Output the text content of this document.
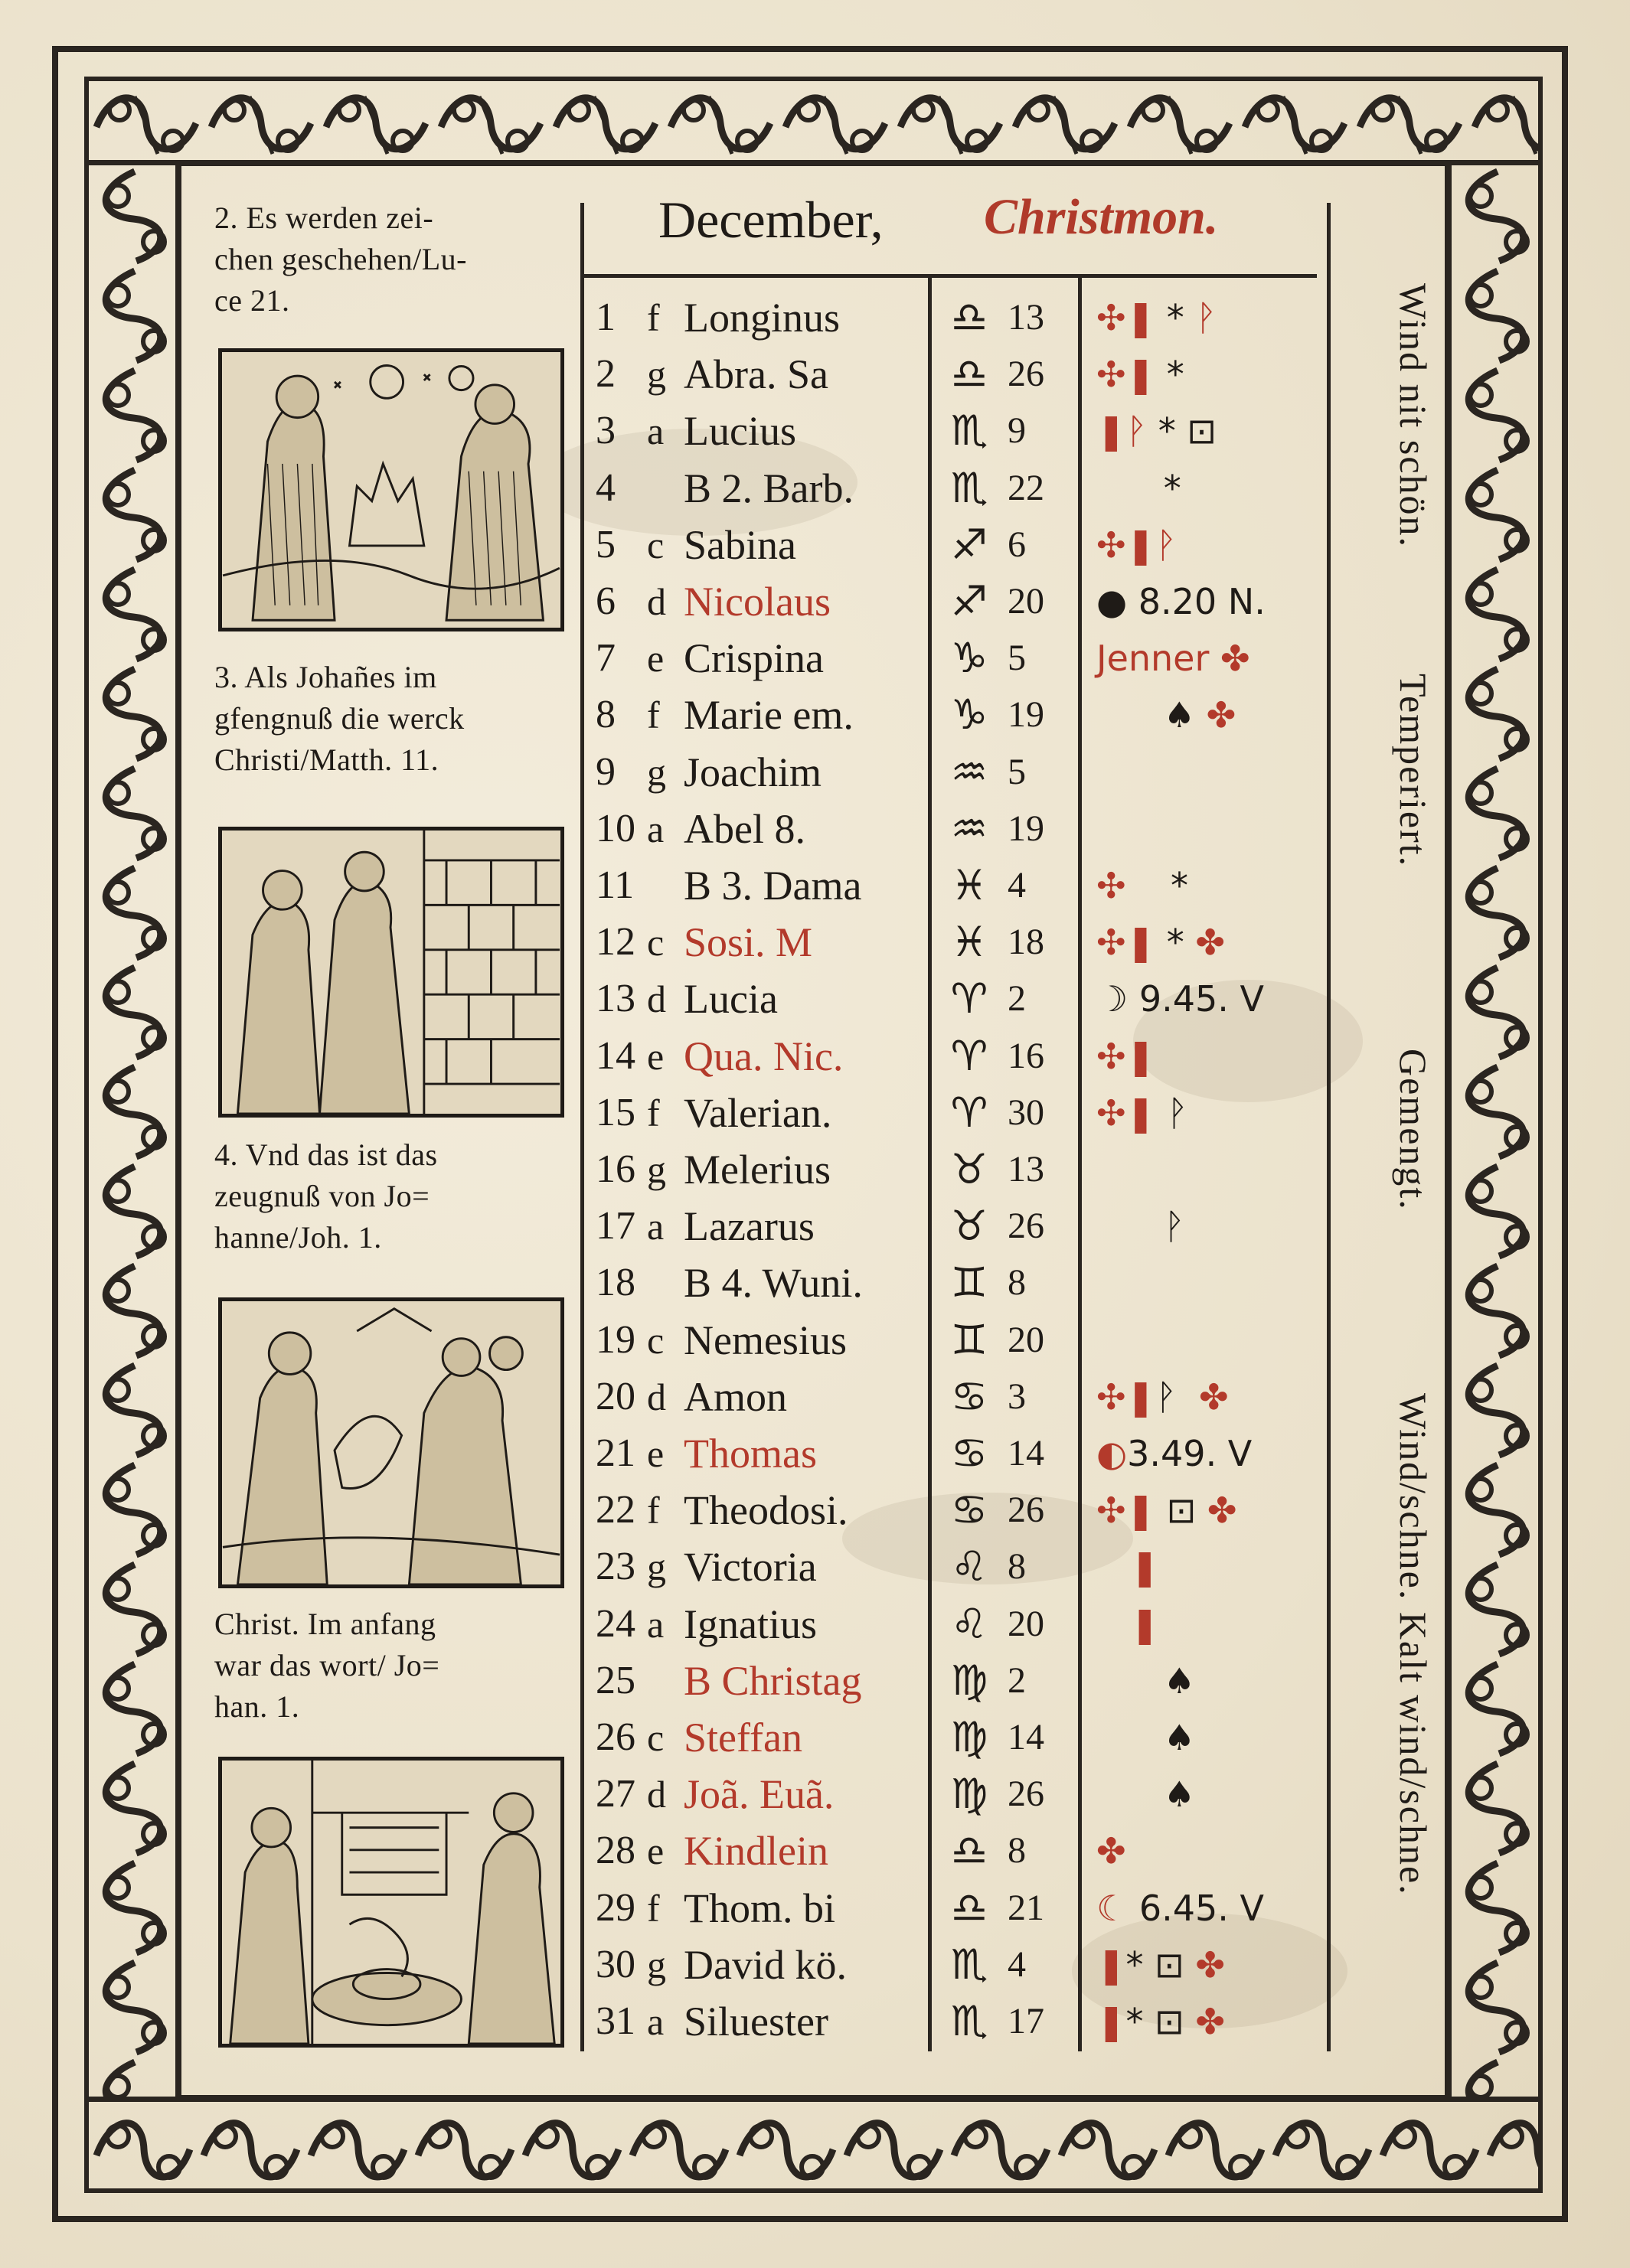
2. Es werden zei-
chen geschehen/Lu-
ce 21.
3. Als Johañes im
gfengnuß die werck
Christi/Matth. 11.
4. Vnd das ist das
zeugnuß von Jo=
hanne/Joh. 1.
Christ. Im anfang
war das wort/ Jo=
han. 1.
December, Christmon.
1 f Longinus	♎ 13	✣❚ * ᚹ
2 g Abra. Sa	♎ 26	✣❚ *
3 a Lucius	♏ 9	❚ᚹ * ⊡
4	B 2. Barb.	♏ 22	*
5 c Sabina	♐ 6	✣❚ᚹ
6 d Nicolaus	♐ 20	● 8.20 N.
7 e Crispina	♑ 5	Jenner ✤
8 f Marie em.	♑ 19	♠ ✤
9 g Joachim	♒ 5
10 a Abel 8.	♒ 19
11 B 3. Dama	♓ 4	✣    *
12 c Sosi. M	♓ 18	✣❚ * ✤
13 d Lucia	♈ 2	☽ 9.45. V
14 e Qua. Nic.	♈ 16	✣❚
15 f Valerian.	♈ 30	✣❚ ᚹ
16 g Melerius	♉ 13
17 a Lazarus	♉ 26	ᚹ
18 B 4. Wuni.	♊ 8
19 c Nemesius	♊ 20
20 d Amon	♋ 3	✣❚ᚹ  ✤
21 e Thomas	♋ 14	◐3.49. V
22 f Theodosi.	♋ 26	✣❚ ⊡ ✤
23 g Victoria	♌ 8	❚
24 a Ignatius	♌ 20	❚
25 B Christag	♍ 2	♠
26 c Steffan	♍ 14	♠
27 d Joã. Euã.	♍ 26	♠
28 e Kindlein	♎ 8	✤
29 f Thom. bi	♎ 21	☾ 6.45. V
30 g David kö.	♏ 4	❚* ⊡ ✤
31 a Siluester	♏ 17	❚* ⊡ ✤
Wind nit schön.
Temperiert.
Gemengt.
Wind/schne. Kalt wind/schne.
